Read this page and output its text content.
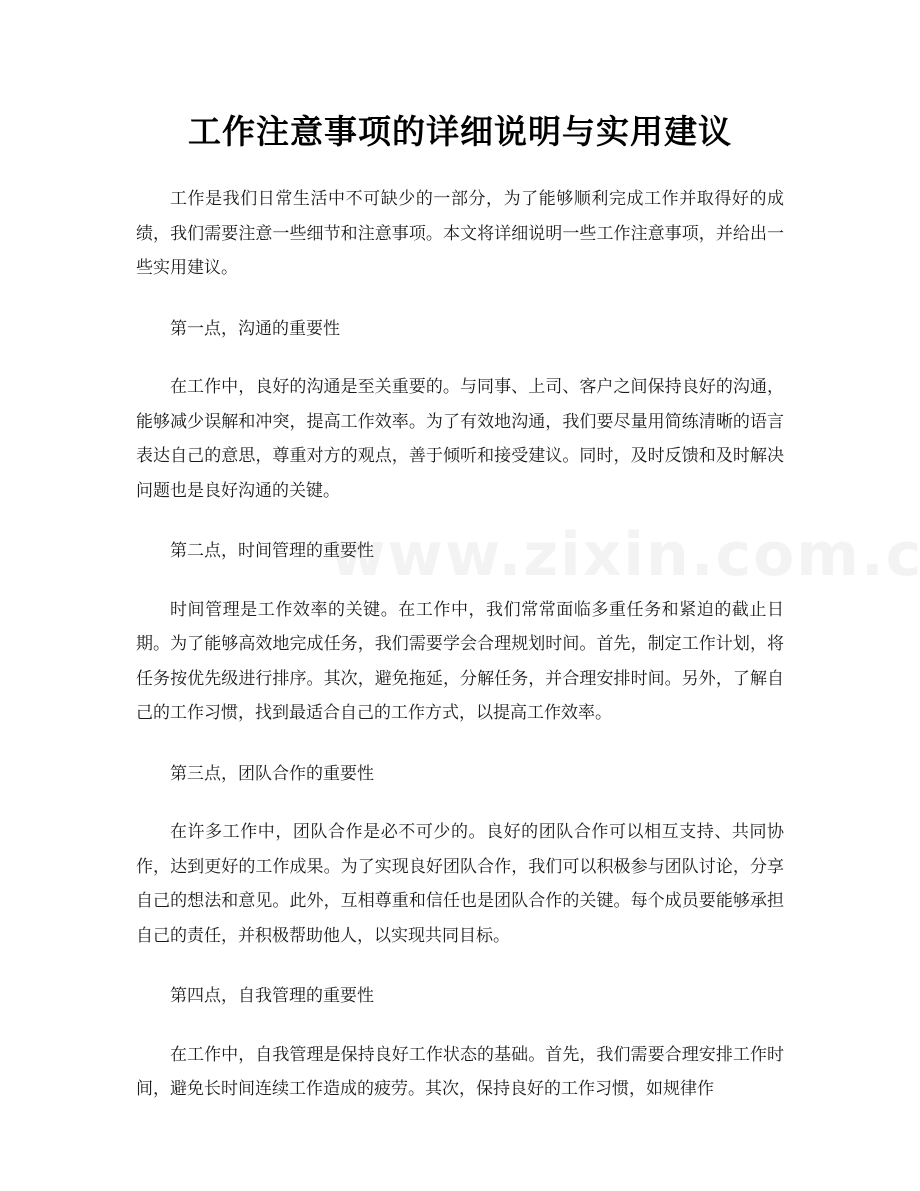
工作注意事项的详细说明与实用建议

工作是我们日常生活中不可缺少的一部分，为了能够顺利完成工作并取得好的成绩，我们需要注意一些细节和注意事项。本文将详细说明一些工作注意事项，并给出一些实用建议。

第一点，沟通的重要性

在工作中，良好的沟通是至关重要的。与同事、上司、客户之间保持良好的沟通，能够减少误解和冲突，提高工作效率。为了有效地沟通，我们要尽量用简练清晰的语言表达自己的意思，尊重对方的观点，善于倾听和接受建议。同时，及时反馈和及时解决问题也是良好沟通的关键。

第二点，时间管理的重要性

时间管理是工作效率的关键。在工作中，我们常常面临多重任务和紧迫的截止日期。为了能够高效地完成任务，我们需要学会合理规划时间。首先，制定工作计划，将任务按优先级进行排序。其次，避免拖延，分解任务，并合理安排时间。另外，了解自己的工作习惯，找到最适合自己的工作方式，以提高工作效率。

第三点，团队合作的重要性

在许多工作中，团队合作是必不可少的。良好的团队合作可以相互支持、共同协作，达到更好的工作成果。为了实现良好团队合作，我们可以积极参与团队讨论，分享自己的想法和意见。此外，互相尊重和信任也是团队合作的关键。每个成员要能够承担自己的责任，并积极帮助他人，以实现共同目标。

第四点，自我管理的重要性

在工作中，自我管理是保持良好工作状态的基础。首先，我们需要合理安排工作时间，避免长时间连续工作造成的疲劳。其次，保持良好的工作习惯，如规律作
